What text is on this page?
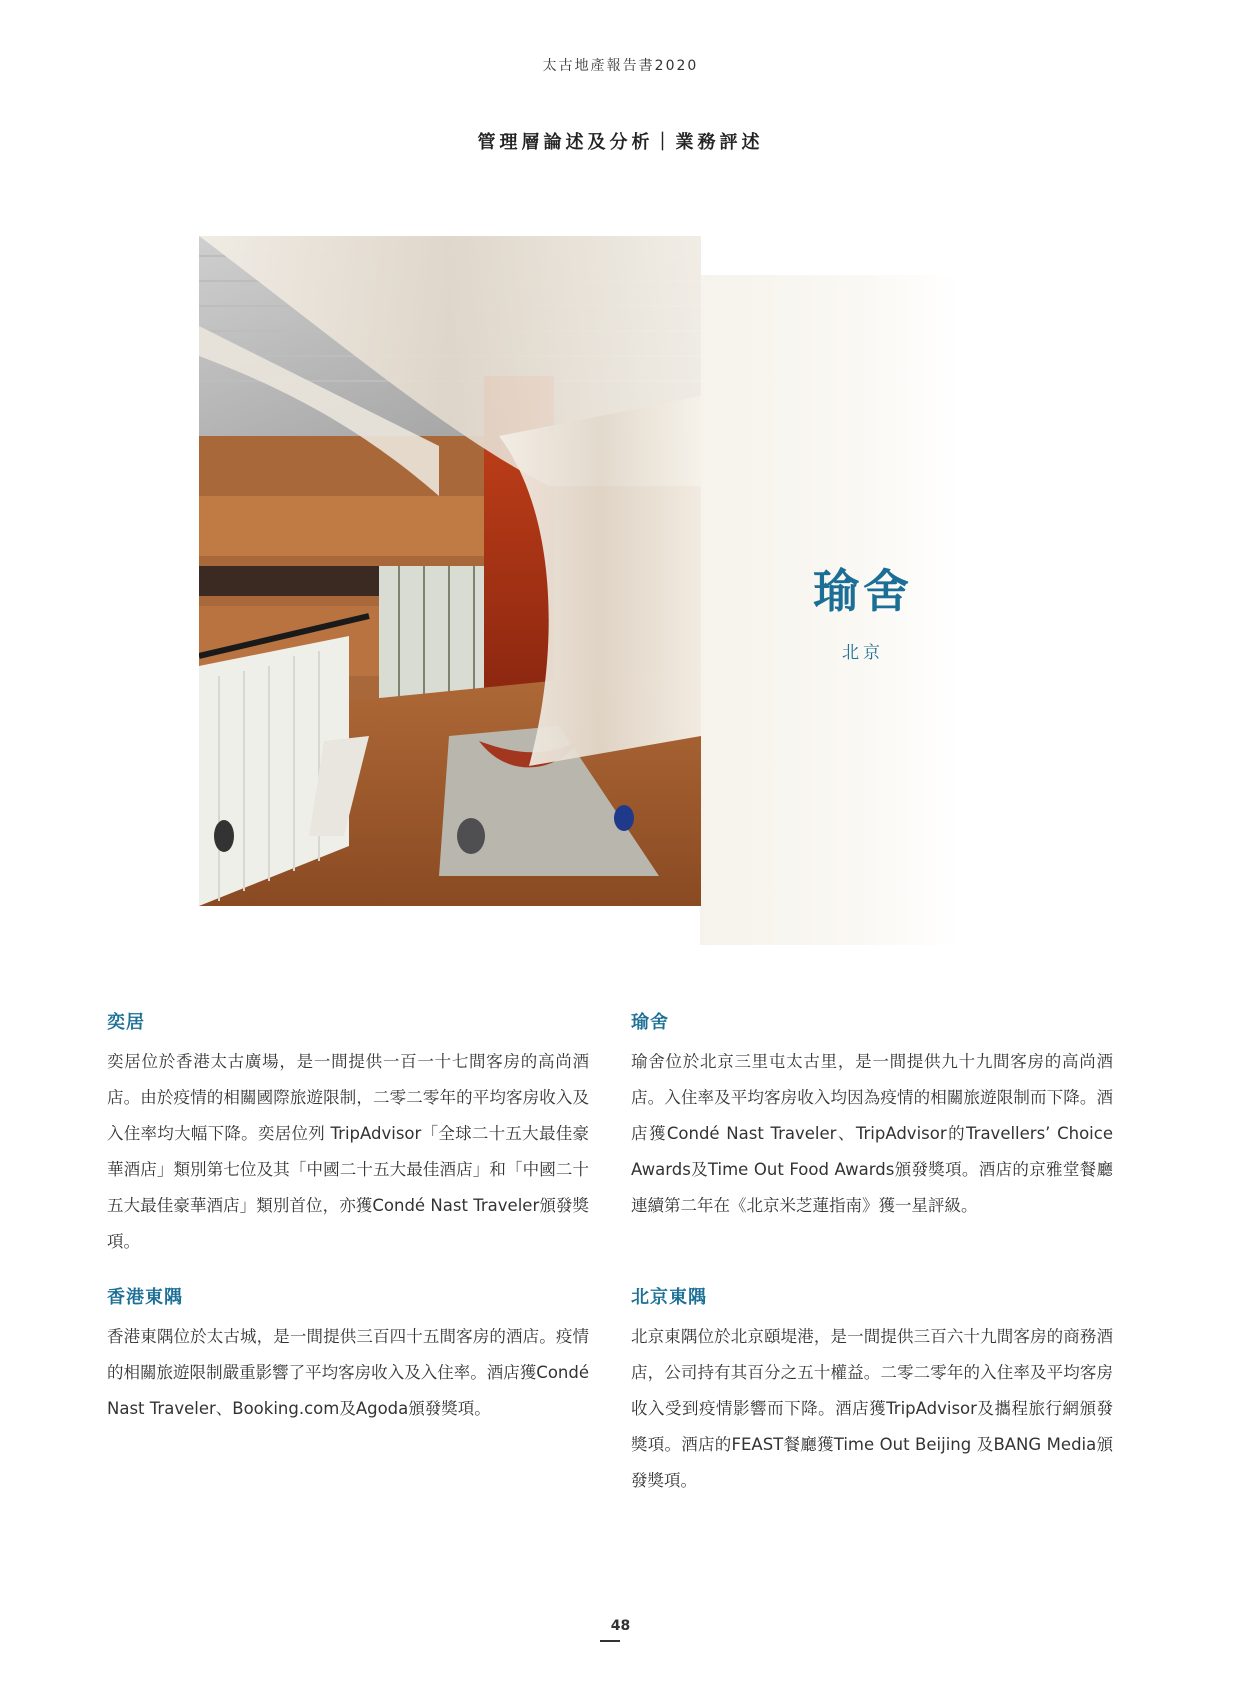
太古地產報告書2020
管理層論述及分析｜業務評述
瑜舍
北京
奕居

奕居位於香港太古廣場，是一間提供一百一十七間客房的高尚酒店。由於疫情的相關國際旅遊限制，二零二零年的平均客房收入及入住率均大幅下降。奕居位列 TripAdvisor「全球二十五大最佳豪華酒店」類別第七位及其「中國二十五大最佳酒店」和「中國二十五大最佳豪華酒店」類別首位，亦獲Condé Nast Traveler頒發獎項。

香港東隅

香港東隅位於太古城，是一間提供三百四十五間客房的酒店。疫情的相關旅遊限制嚴重影響了平均客房收入及入住率。酒店獲Condé Nast Traveler、Booking.com及Agoda頒發獎項。

瑜舍

瑜舍位於北京三里屯太古里，是一間提供九十九間客房的高尚酒店。入住率及平均客房收入均因為疫情的相關旅遊限制而下降。酒店獲Condé Nast Traveler、TripAdvisor的Travellers’ Choice Awards及Time Out Food Awards頒發獎項。酒店的京雅堂餐廳連續第二年在《北京米芝蓮指南》獲一星評級。

北京東隅

北京東隅位於北京頤堤港，是一間提供三百六十九間客房的商務酒店，公司持有其百分之五十權益。二零二零年的入住率及平均客房收入受到疫情影響而下降。酒店獲TripAdvisor及攜程旅行網頒發獎項。酒店的FEAST餐廳獲Time Out Beijing 及BANG Media頒發獎項。

48
